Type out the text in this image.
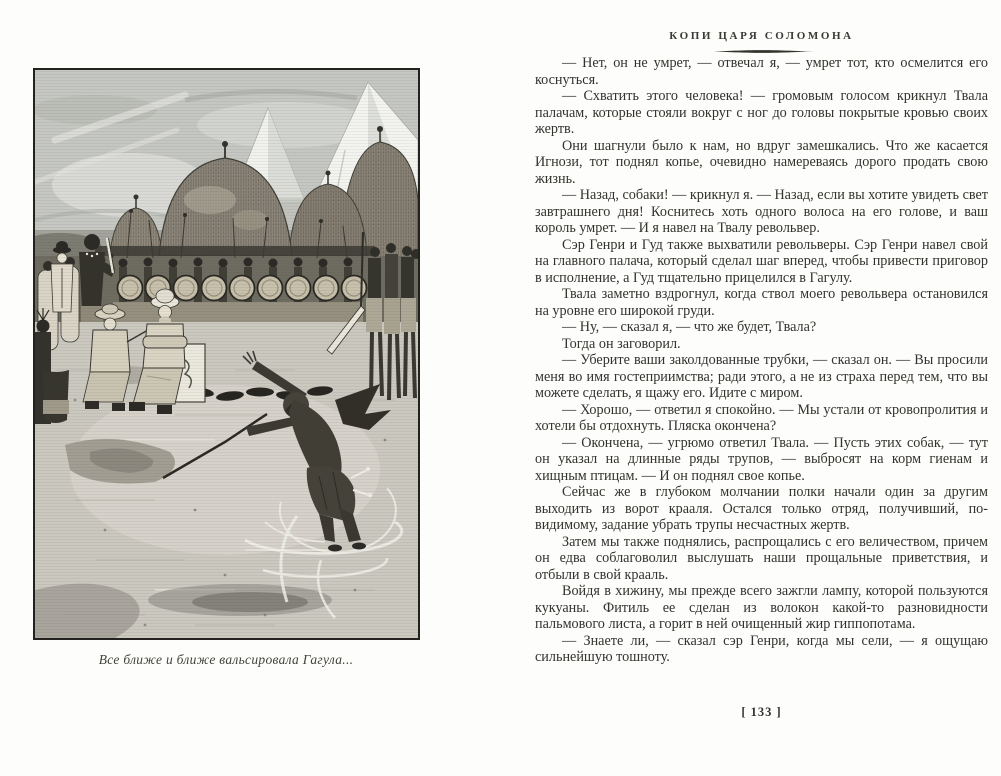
Все ближе и ближе вальсировала Гагула...
КОПИ ЦАРЯ СОЛОМОНА

— Нет, он не умрет, — отвечал я, — умрет тот, кто осмелится его коснуться.

— Схватить этого человека! — громовым голосом крикнул Твала палачам, которые стояли вокруг с ног до головы покрытые кровью своих жертв.

Они шагнули было к нам, но вдруг замешкались. Что же касается Игнози, тот поднял копье, очевидно намереваясь дорого продать свою жизнь.

— Назад, собаки! — крикнул я. — Назад, если вы хотите увидеть свет завтрашнего дня! Коснитесь хоть одного волоса на его голове, и ваш король умрет. — И я навел на Твалу револьвер.

Сэр Генри и Гуд также выхватили револьверы. Сэр Генри навел свой на главного палача, который сделал шаг вперед, чтобы привести приговор в исполнение, а Гуд тщательно прицелился в Гагулу.

Твала заметно вздрогнул, когда ствол моего револьвера остановился на уровне его широкой груди.

— Ну, — сказал я, — что же будет, Твала?

Тогда он заговорил.

— Уберите ваши заколдованные трубки, — сказал он. — Вы просили меня во имя гостеприимства; ради этого, а не из страха перед тем, что вы можете сделать, я щажу его. Идите с миром.

— Хорошо, — ответил я спокойно. — Мы устали от кровопролития и хотели бы отдохнуть. Пляска окончена?

— Окончена, — угрюмо ответил Твала. — Пусть этих собак, — тут он указал на длинные ряды трупов, — выбросят на корм гиенам и хищным птицам. — И он поднял свое копье.

Сейчас же в глубоком молчании полки начали один за другим выходить из ворот крааля. Остался только отряд, получивший, по-видимому, задание убрать трупы несчастных жертв.

Затем мы также поднялись, распрощались с его величеством, причем он едва соблаговолил выслушать наши прощальные приветствия, и отбыли в свой крааль.

Войдя в хижину, мы прежде всего зажгли лампу, которой пользуются кукуаны. Фитиль ее сделан из волокон какой-то разновидности пальмового листа, а горит в ней очищенный жир гиппопотама.

— Знаете ли, — сказал сэр Генри, когда мы сели, — я ощущаю сильнейшую тошноту.

[ 133 ]
